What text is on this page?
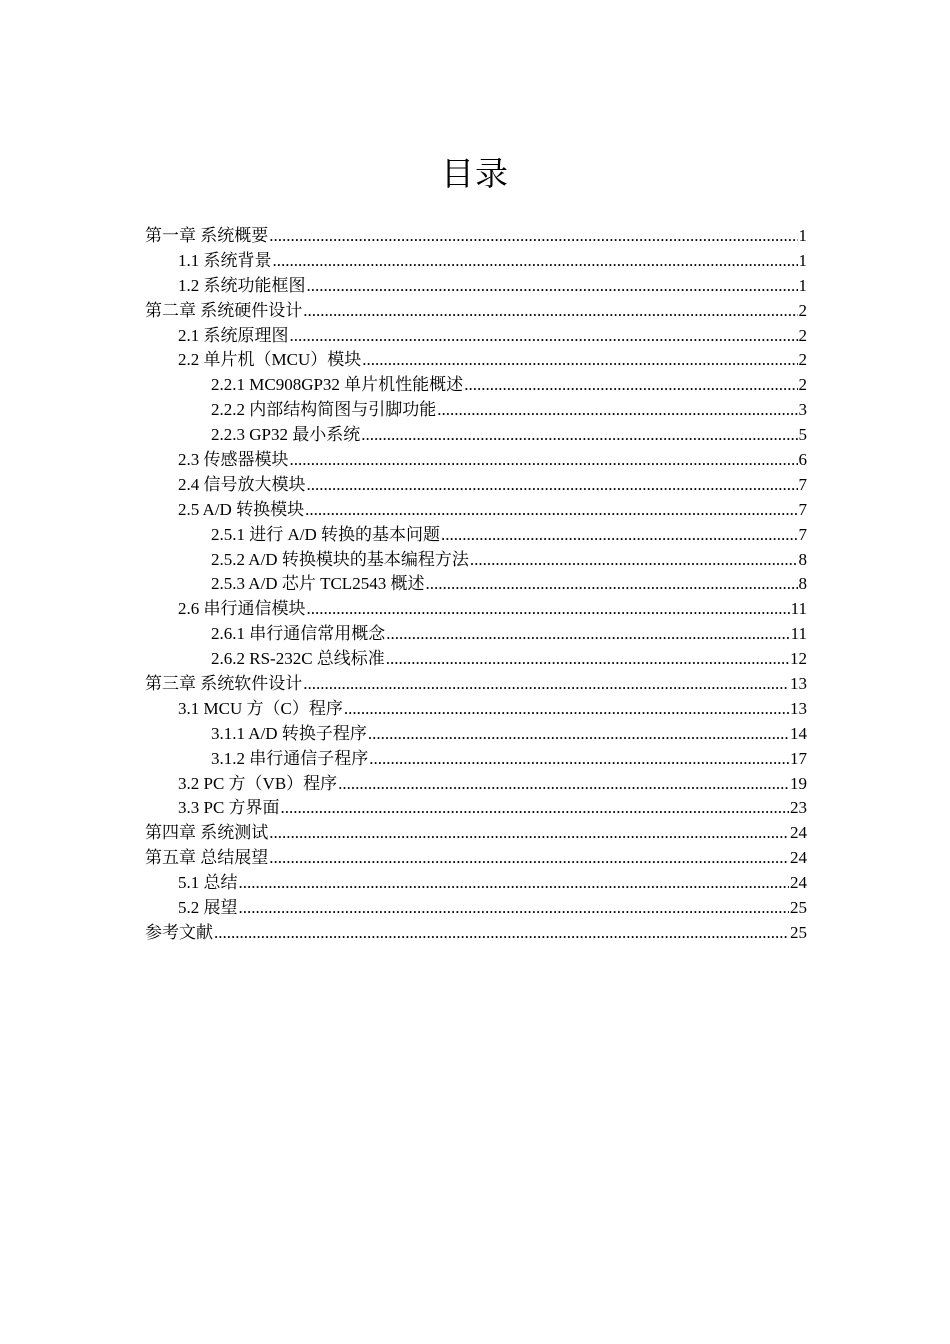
目录
第一章 系统概要 .....	1
1.1 系统背景 .....	1
1.2 系统功能框图 .....	1
第二章 系统硬件设计 .....	2
2.1 系统原理图 .....	2
2.2 单片机（MCU）模块 .....	2
2.2.1 MC908GP32 单片机性能概述 .....	2
2.2.2 内部结构简图与引脚功能 .....	3
2.2.3 GP32 最小系统 .....	5
2.3 传感器模块 .....	6
2.4 信号放大模块 .....	7
2.5 A/D 转换模块 .....	7
2.5.1 进行 A/D 转换的基本问题 .....	7
2.5.2 A/D 转换模块的基本编程方法 .....	8
2.5.3 A/D 芯片 TCL2543 概述 .....	8
2.6 串行通信模块 .....	11
2.6.1 串行通信常用概念 .....	11
2.6.2 RS-232C 总线标准 .....	12
第三章 系统软件设计 .....	13
3.1 MCU 方（C）程序 .....	13
3.1.1 A/D 转换子程序 .....	14
3.1.2 串行通信子程序 .....	17
3.2 PC 方（VB）程序 .....	19
3.3 PC 方界面 .....	23
第四章 系统测试 .....	24
第五章 总结展望 .....	24
5.1 总结 .....	24
5.2 展望 .....	25
参考文献 .....	25
